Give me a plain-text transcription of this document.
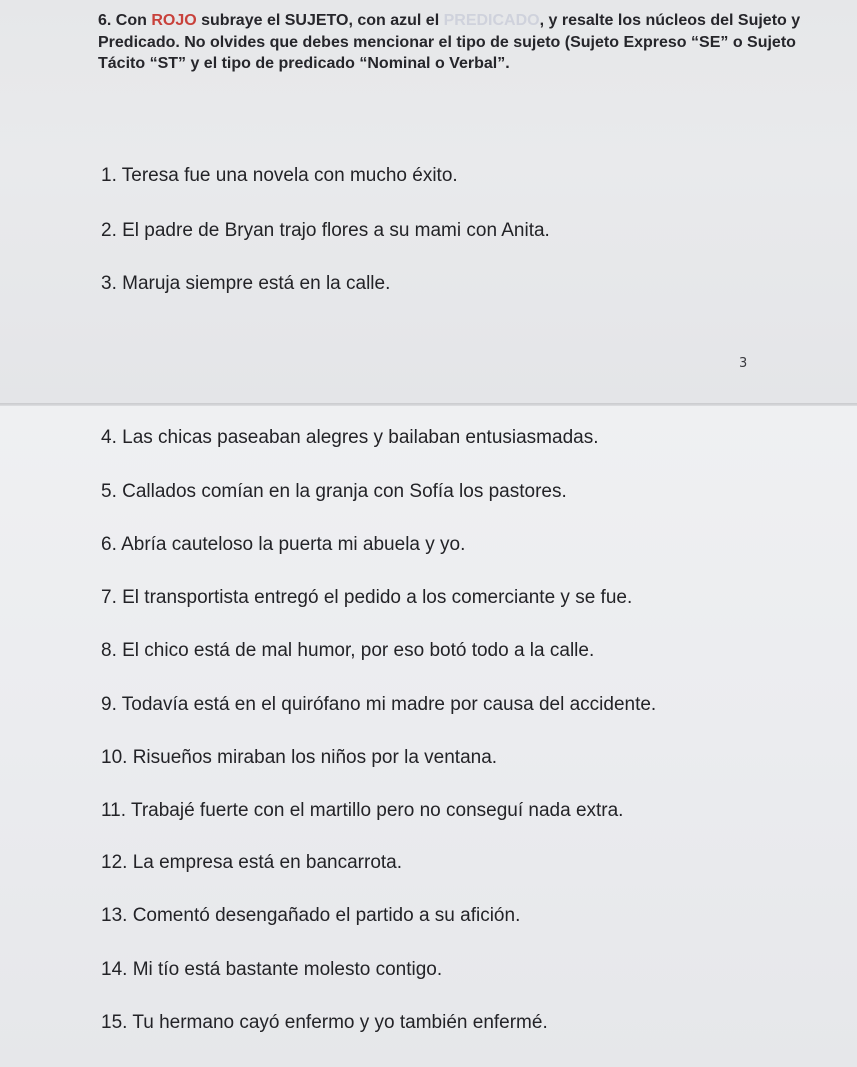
6. Con ROJO subraye el SUJETO, con azul el PREDICADO, y resalte los núcleos del Sujeto y Predicado. No olvides que debes mencionar el tipo de sujeto (Sujeto Expreso “SE” o Sujeto Tácito “ST” y el tipo de predicado “Nominal o Verbal”.
1. Teresa fue una novela con mucho éxito.
2. El padre de Bryan trajo flores a su mami con Anita.
3. Maruja siempre está en la calle.
3
4. Las chicas paseaban alegres y bailaban entusiasmadas.
5. Callados comían en la granja con Sofía los pastores.
6. Abría cauteloso la puerta mi abuela y yo.
7. El transportista entregó el pedido a los comerciante y se fue.
8. El chico está de mal humor, por eso botó todo a la calle.
9. Todavía está en el quirófano mi madre por causa del accidente.
10. Risueños miraban los niños por la ventana.
11. Trabajé fuerte con el martillo pero no conseguí nada extra.
12. La empresa está en bancarrota.
13. Comentó desengañado el partido a su afición.
14. Mi tío está bastante molesto contigo.
15. Tu hermano cayó enfermo y yo también enfermé.
